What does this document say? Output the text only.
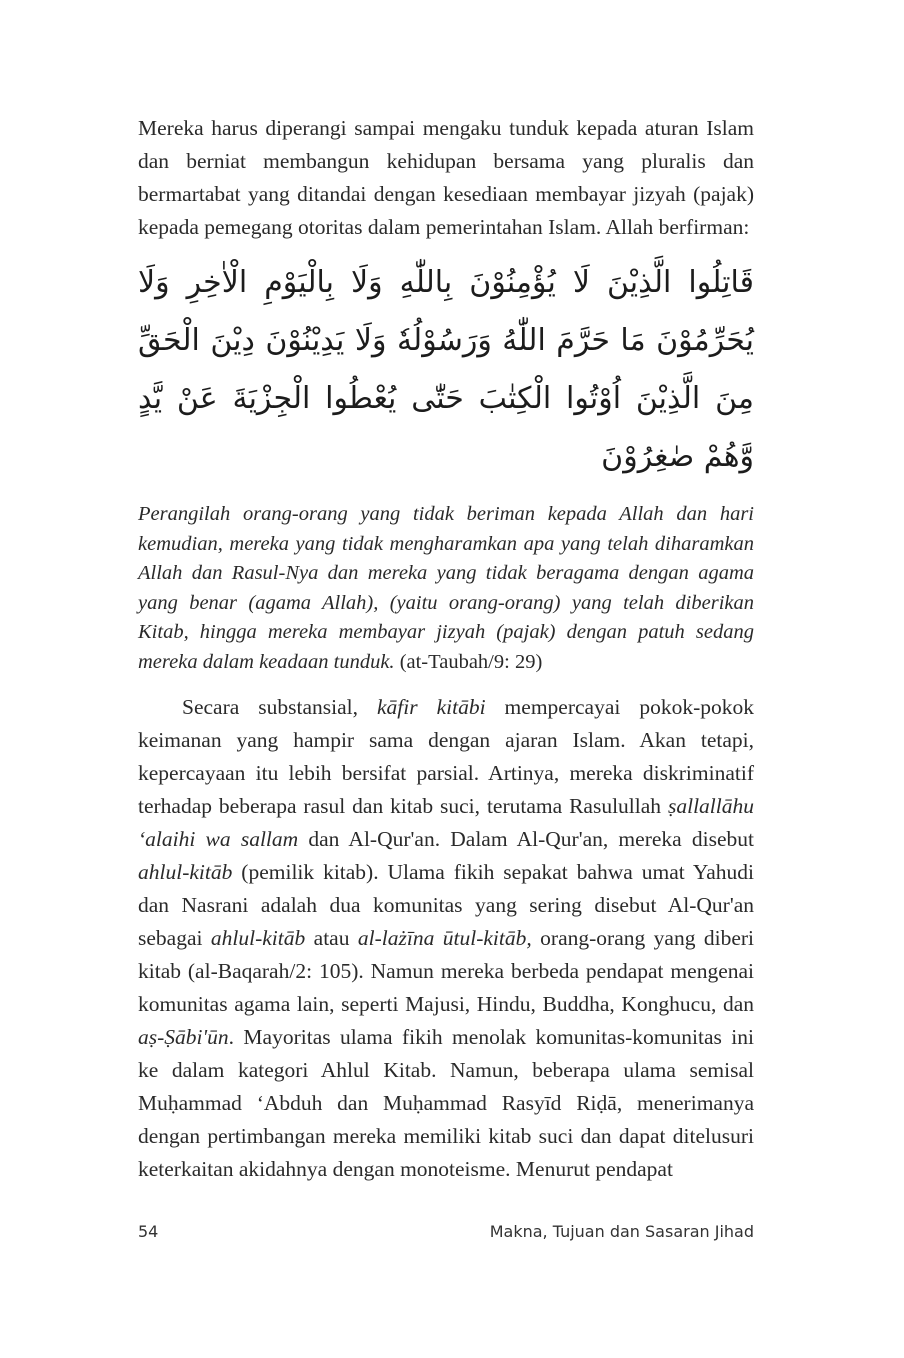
Mereka harus diperangi sampai mengaku tunduk kepada aturan Islam dan berniat membangun kehidupan bersama yang pluralis dan bermartabat yang ditandai dengan kesediaan membayar jizyah (pajak) kepada pemegang otoritas dalam pemerintahan Islam. Allah berfirman:

قَاتِلُوا الَّذِيْنَ لَا يُؤْمِنُوْنَ بِاللّٰهِ وَلَا بِالْيَوْمِ الْاٰخِرِ وَلَا يُحَرِّمُوْنَ مَا حَرَّمَ اللّٰهُ وَرَسُوْلُهٗ وَلَا يَدِيْنُوْنَ دِيْنَ الْحَقِّ مِنَ الَّذِيْنَ اُوْتُوا الْكِتٰبَ حَتّٰى يُعْطُوا الْجِزْيَةَ عَنْ يَّدٍ وَّهُمْ صٰغِرُوْنَ

Perangilah orang-orang yang tidak beriman kepada Allah dan hari kemudian, mereka yang tidak mengharamkan apa yang telah diharamkan Allah dan Rasul-Nya dan mereka yang tidak beragama dengan agama yang benar (agama Allah), (yaitu orang-orang) yang telah diberikan Kitab, hingga mereka membayar jizyah (pajak) dengan patuh sedang mereka dalam keadaan tunduk. (at-Taubah/9: 29)

Secara substansial, kāfir kitābi mempercayai pokok-pokok keimanan yang hampir sama dengan ajaran Islam. Akan tetapi, kepercayaan itu lebih bersifat parsial. Artinya, mereka diskriminatif terhadap beberapa rasul dan kitab suci, terutama Rasulullah ṣallallāhu ‘alaihi wa sallam dan Al-Qur'an. Dalam Al-Qur'an, mereka disebut ahlul-kitāb (pemilik kitab). Ulama fikih sepakat bahwa umat Yahudi dan Nasrani adalah dua komunitas yang sering disebut Al-Qur'an sebagai ahlul-kitāb atau al-lażīna ūtul-kitāb, orang-orang yang diberi kitab (al-Baqarah/2: 105). Namun mereka berbeda pendapat mengenai komunitas agama lain, seperti Majusi, Hindu, Buddha, Konghucu, dan aṣ-Ṣābi'ūn. Mayoritas ulama fikih menolak komunitas-komunitas ini ke dalam kategori Ahlul Kitab. Namun, beberapa ulama semisal Muḥammad ‘Abduh dan Muḥammad Rasyīd Riḍā, menerimanya dengan pertimbangan mereka memiliki kitab suci dan dapat ditelusuri keterkaitan akidahnya dengan monoteisme. Menurut pendapat

54	Makna, Tujuan dan Sasaran Jihad
